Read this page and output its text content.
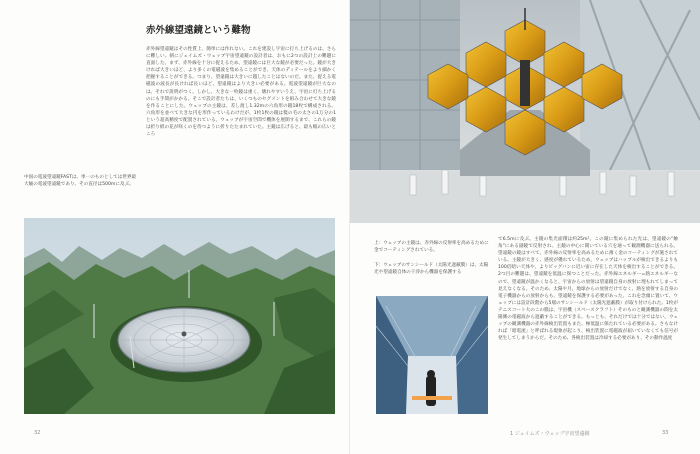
赤外線望遠鏡という難物

赤外線望遠鏡はその性質上、簡単には作れない。これを建設し宇宙に打ち上げるのは、さらに難しい。朝にジェイムズ・ウェッブ宇宙望遠鏡の設計者は、おもに2つの設計上の難題に直面した。まず、赤外線を十分に捉えるため、望遠鏡には巨大な鏡が必要だった。鏡が大きければ大きいほど、より多くの電磁波を集めることができ、天体のディテールをより細かく把握することができる。つまり、望遠鏡は大きいに越したことはないのだ。また、捉える電磁波の波長が長ければ長いほど、望遠鏡はより大きい必要がある。電波望遠鏡が巨大なのは、それで説明がつく。しかし、大きな一枚鏡は重く、壊れやすいうえ、宇宙に打ち上げるのにも手間がかかる。そこで設計者たちは、いくつものセグメントを組み合わせて大きな鏡を作ることにした。ウェッブの主鏡は、差し渡し1.32mの六角形の鏡18枚で構成される。六角形を並べて大きな円を形作っているわけだが、1枚1枚の鏡は髪の毛の太さの1万分の1という超高精度で配置されている。ウェッブが宇宙空間で機体を展開するまで、これらの鏡は折り紙の花が咲くのを待つように折りたたまれていた。主鏡は広げると、最も幅の広いところ

中国の電波望遠鏡FASTは、単一のものとしては世界最大級の電波望遠鏡であり、その直径は500mに及ぶ。

32

上：ウェッブの主鏡は、赤外線の反射率を高めるために金でコーティングされている。

下：ウェッブのサンシールド（太陽光遮蔽膜）は、太陽光や望遠鏡自体の干渉から機器を保護する

で6.5mに及ぶ。主鏡の集光面積は約25m²。この鏡に集められた光は、望遠鏡の"触角"にある副鏡で反射され、主鏡の中心に開いている穴を通って観測機器に送られる。望遠鏡の鏡はすべて、赤外線の反射率を高めるために薄く金のコーティングが施されている。主鏡が大きく、感度が優れているため、ウェッブはハッブルが検出できるよりも100倍暗い天体や、よりビッグバンに近い宙に存在した天体を検出することができる。2つ目の難題は、望遠鏡を低温に保つことだった。赤外線エネルギー=熱エネルギーなので、望遠鏡が温かくなると、宇宙からの放射は望遠鏡自身の放射に埋もれてしまって見えなくなる。そのため、太陽や月、地球からの放射だけでなく、熱を放射する自身の電子機器からの放射からも、望遠鏡を保護する必要があった。これを念頭に置いて、ウェッブには設計段階から5層のサンシールド（太陽光遮蔽膜）が取り付けられた。1枚がテニスコート大のこの膜は、宇宙機（スペースクラフト）そのものと観測機器の間を太陽側の電磁波から遮蔽することができる。もっとも、それだけでは十分ではない。ウェッブの観測機器の赤外線検出装置もまた、極低温に保たれている必要がある。さもなければ「暗電流」と呼ばれる現象が起こり、検出装置に電磁波が届いていなくても信号が発生してしまうからだ。そのため、各検出装置は冷却する必要があり、その動作温度

1 ジェイムズ・ウェッブ宇宙望遠鏡	33
